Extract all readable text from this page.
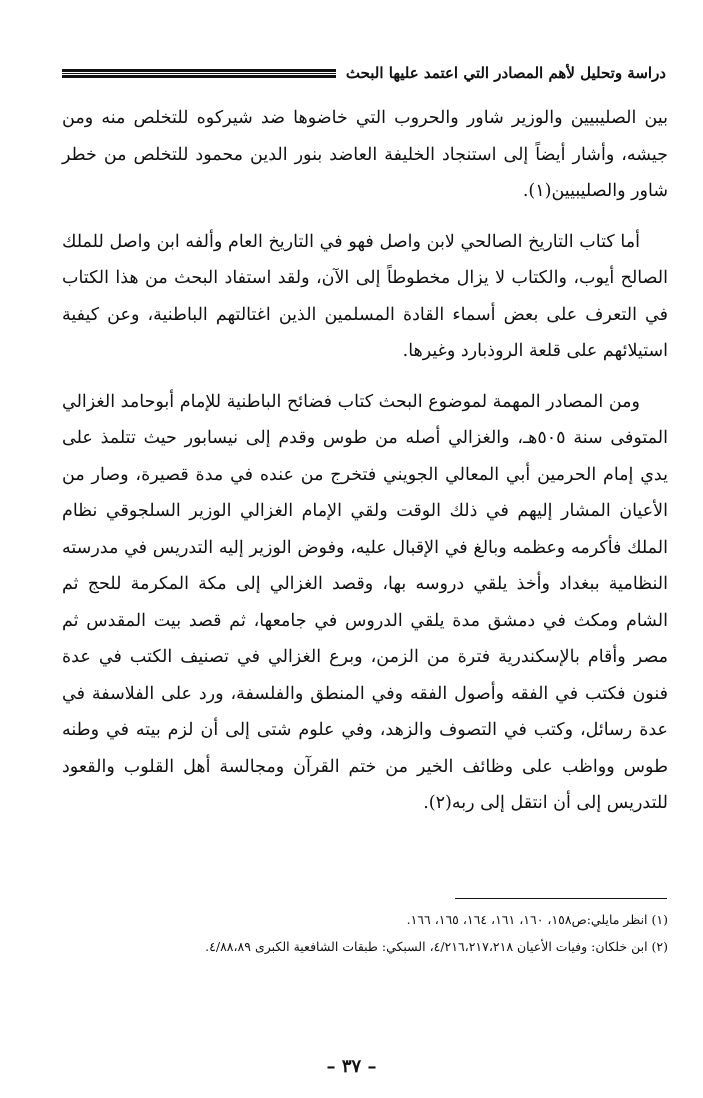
دراسة وتحليل لأهم المصادر التي اعتمد عليها البحث

بين الصليبيين والوزير شاور والحروب التي خاضوها ضد شيركوه للتخلص منه ومن جيشه، وأشار أيضاً إلى استنجاد الخليفة العاضد بنور الدين محمود للتخلص من خطر شاور والصليبيين(١).

أما كتاب التاريخ الصالحي لابن واصل فهو في التاريخ العام وألفه ابن واصل للملك الصالح أيوب، والكتاب لا يزال مخطوطاً إلى الآن، ولقد استفاد البحث من هذا الكتاب في التعرف على بعض أسماء القادة المسلمين الذين اغتالتهم الباطنية، وعن كيفية استيلائهم على قلعة الروذبارد وغيرها.

ومن المصادر المهمة لموضوع البحث كتاب فضائح الباطنية للإمام أبوحامد الغزالي المتوفى سنة ٥٠٥هـ، والغزالي أصله من طوس وقدم إلى نيسابور حيث تتلمذ على يدي إمام الحرمين أبي المعالي الجويني فتخرج من عنده في مدة قصيرة، وصار من الأعيان المشار إليهم في ذلك الوقت ولقي الإمام الغزالي الوزير السلجوقي نظام الملك فأكرمه وعظمه وبالغ في الإقبال عليه، وفوض الوزير إليه التدريس في مدرسته النظامية ببغداد وأخذ يلقي دروسه بها، وقصد الغزالي إلى مكة المكرمة للحج ثم الشام ومكث في دمشق مدة يلقي الدروس في جامعها، ثم قصد بيت المقدس ثم مصر وأقام بالإسكندرية فترة من الزمن، وبرع الغزالي في تصنيف الكتب في عدة فنون فكتب في الفقه وأصول الفقه وفي المنطق والفلسفة، ورد على الفلاسفة في عدة رسائل، وكتب في التصوف والزهد، وفي علوم شتى إلى أن لزم بيته في وطنه طوس وواظب على وظائف الخير من ختم القرآن ومجالسة أهل القلوب والقعود للتدريس إلى أن انتقل إلى ربه(٢).

(١) انظر مايلي:ص١٥٨، ١٦٠، ١٦١، ١٦٤، ١٦٥، ١٦٦.
(٢) ابن خلكان: وفيات الأعيان ٤/٢١٦،٢١٧،٢١٨، السبكي: طبقات الشافعية الكبرى ٤/٨٨،٨٩.
– ٣٧ –
